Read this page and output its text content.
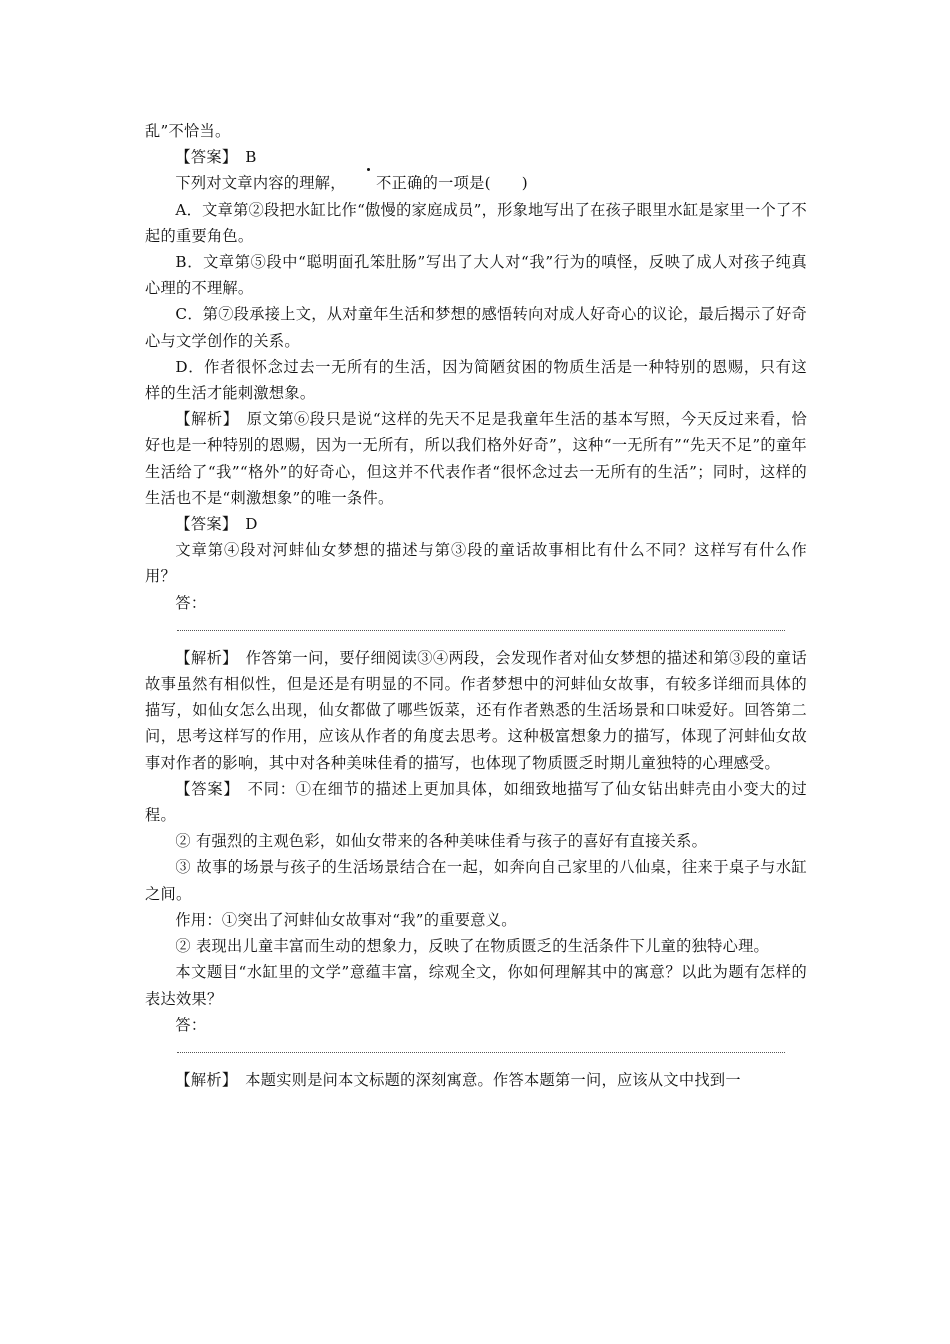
乱”不恰当。

【答案】　 B

下列对文章内容的理解， 不正确的一项是(　　)

A．文章第②段把水缸比作“傲慢的家庭成员”，形象地写出了在孩子眼里水缸是家里一个了不起的重要角色。

B．文章第⑤段中“聪明面孔笨肚肠”写出了大人对“我”行为的嗔怪，反映了成人对孩子纯真心理的不理解。

C．第⑦段承接上文，从对童年生活和梦想的感悟转向对成人好奇心的议论，最后揭示了好奇心与文学创作的关系。

D．作者很怀念过去一无所有的生活，因为简陋贫困的物质生活是一种特别的恩赐，只有这样的生活才能刺激想象。

【解析】　 原文第⑥段只是说“这样的先天不足是我童年生活的基本写照，今天反过来看，恰好也是一种特别的恩赐，因为一无所有，所以我们格外好奇”，这种“一无所有”“先天不足”的童年生活给了“我”“格外”的好奇心，但这并不代表作者“很怀念过去一无所有的生活”；同时，这样的生活也不是“刺激想象”的唯一条件。

【答案】　 D

文章第④段对河蚌仙女梦想的描述与第③段的童话故事相比有什么不同？这样写有什么作用？

答：

【解析】　 作答第一问，要仔细阅读③④两段，会发现作者对仙女梦想的描述和第③段的童话故事虽然有相似性，但是还是有明显的不同。作者梦想中的河蚌仙女故事，有较多详细而具体的描写，如仙女怎么出现，仙女都做了哪些饭菜，还有作者熟悉的生活场景和口味爱好。回答第二问，思考这样写的作用，应该从作者的角度去思考。这种极富想象力的描写，体现了河蚌仙女故事对作者的影响，其中对各种美味佳肴的描写，也体现了物质匮乏时期儿童独特的心理感受。

【答案】　 不同：①在细节的描述上更加具体，如细致地描写了仙女钻出蚌壳由小变大的过程。

② 有强烈的主观色彩，如仙女带来的各种美味佳肴与孩子的喜好有直接关系。

③ 故事的场景与孩子的生活场景结合在一起，如奔向自己家里的八仙桌，往来于桌子与水缸之间。

作用：①突出了河蚌仙女故事对“我”的重要意义。

② 表现出儿童丰富而生动的想象力，反映了在物质匮乏的生活条件下儿童的独特心理。

本文题目“水缸里的文学”意蕴丰富，综观全文，你如何理解其中的寓意？以此为题有怎样的表达效果？

答：

【解析】　 本题实则是问本文标题的深刻寓意。作答本题第一问，应该从文中找到一
